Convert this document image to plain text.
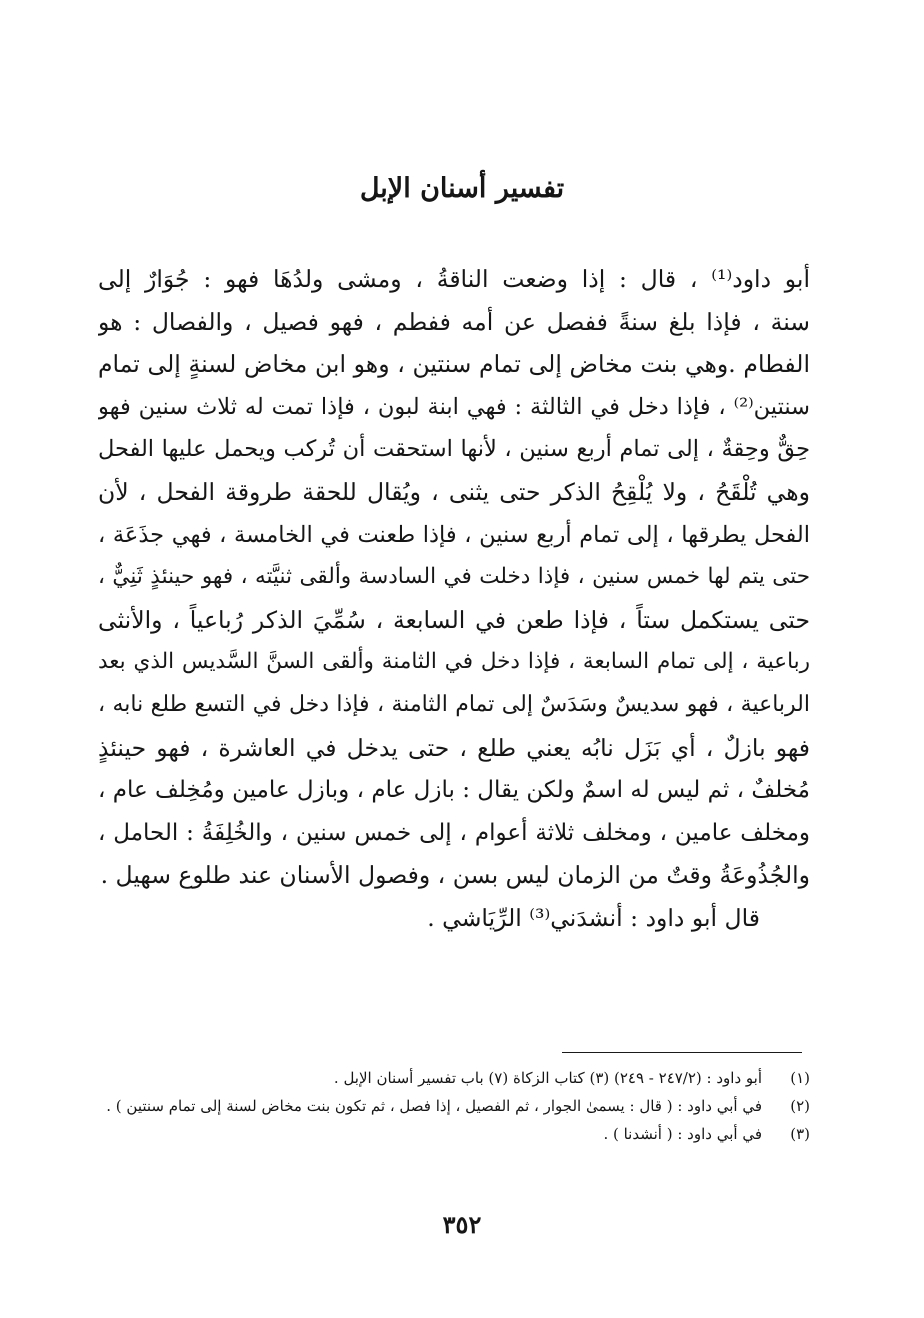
تفسير أسنان الإبل
أبو داود⁽¹⁾ ، قال : إذا وضعت الناقةُ ، ومشى ولدُهَا فهو : جُوَارٌ إلى
سنة ، فإذا بلغ سنةً ففصل عن أمه ففطم ، فهو فصيل ، والفصال : هو
الفطام .وهي بنت مخاض إلى تمام سنتين ، وهو ابن مخاض لسنةٍ إلى تمام
سنتين⁽²⁾ ، فإذا دخل في الثالثة : فهي ابنة لبون ، فإذا تمت له ثلاث سنين فهو
حِقٌّ وحِقةٌ ، إلى تمام أربع سنين ، لأنها استحقت أن تُركب ويحمل عليها الفحل
وهي تُلْقَحُ ، ولا يُلْقِحُ الذكر حتى يثنى ، ويُقال للحقة طروقة الفحل ، لأن
الفحل يطرقها ، إلى تمام أربع سنين ، فإذا طعنت في الخامسة ، فهي جذَعَة ،
حتى يتم لها خمس سنين ، فإذا دخلت في السادسة وألقى ثنيَّته ، فهو حينئذٍ ثَنِيٌّ ،
حتى يستكمل ستاً ، فإذا طعن في السابعة ، سُمِّيَ الذكر رُباعياً ، والأنثى
رباعية ، إلى تمام السابعة ، فإذا دخل في الثامنة وألقى السنَّ السَّديس الذي بعد
الرباعية ، فهو سديسٌ وسَدَسٌ إلى تمام الثامنة ، فإذا دخل في التسع طلع نابه ،
فهو بازلٌ ، أي بَزَل نابُه يعني طلع ، حتى يدخل في العاشرة ، فهو حينئذٍ
مُخلفٌ ، ثم ليس له اسمٌ ولكن يقال : بازل عام ، وبازل عامين ومُخِلف عام ،
ومخلف عامين ، ومخلف ثلاثة أعوام ، إلى خمس سنين ، والخُلِفَةُ : الحامل ،
والجُذُوعَةُ وقتٌ من الزمان ليس بسن ، وفصول الأسنان عند طلوع سهيل .
قال أبو داود : أنشدَني⁽³⁾ الرِّيَاشي .
(١)
أبو داود : (٢٤٧/٢ - ٢٤٩) (٣) كتاب الزكاة (٧) باب تفسير أسنان الإبل .
(٢)
في أبي داود : ( قال : يسمىٰ الجوار ، ثم الفصيل ، إذا فصل ، ثم تكون بنت مخاض لسنة إلى تمام سنتين ) .
(٣)
في أبي داود : ( أنشدنا ) .
٣٥٢
